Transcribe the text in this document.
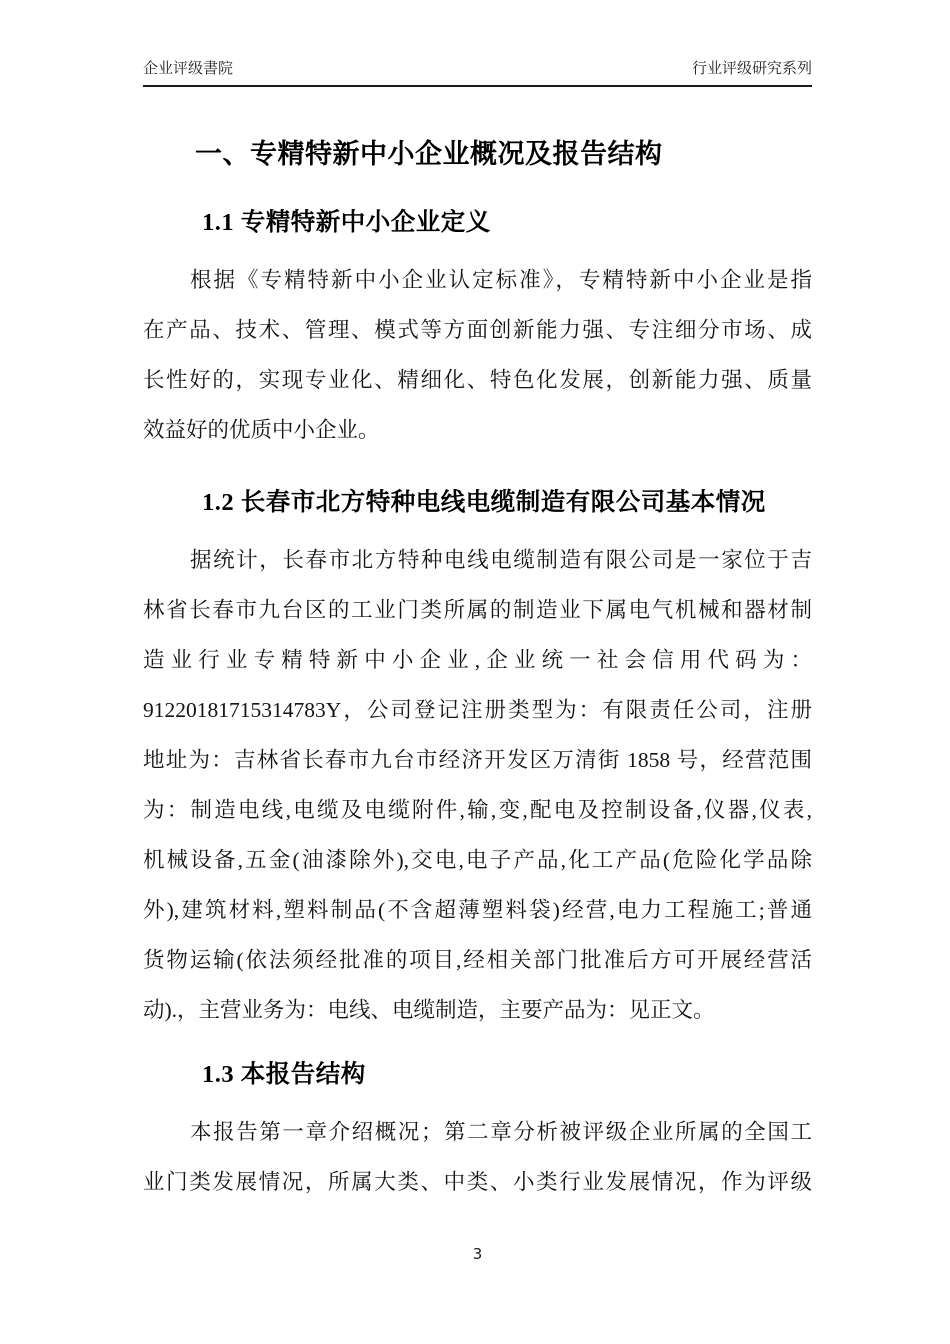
企业评级書院	行业评级研究系列
一、专精特新中小企业概况及报告结构
1.1 专精特新中小企业定义
根据《专精特新中小企业认定标准》，专精特新中小企业是指
在产品、技术、管理、模式等方面创新能力强、专注细分市场、成
长性好的，实现专业化、精细化、特色化发展，创新能力强、质量
效益好的优质中小企业。
1.2 长春市北方特种电线电缆制造有限公司基本情况
据统计，长春市北方特种电线电缆制造有限公司是一家位于吉
林省长春市九台区的工业门类所属的制造业下属电气机械和器材制
造业行业专精特新中小企业,企业统一社会信用代码为：
91220181715314783Y，公司登记注册类型为：有限责任公司，注册
地址为：吉林省长春市九台市经济开发区万清街 1858 号，经营范围
为：制造电线,电缆及电缆附件,输,变,配电及控制设备,仪器,仪表,
机械设备,五金(油漆除外),交电,电子产品,化工产品(危险化学品除
外),建筑材料,塑料制品(不含超薄塑料袋)经营,电力工程施工;普通
货物运输(依法须经批准的项目,经相关部门批准后方可开展经营活
动).，主营业务为：电线、电缆制造，主要产品为：见正文。
1.3 本报告结构
本报告第一章介绍概况；第二章分析被评级企业所属的全国工
业门类发展情况，所属大类、中类、小类行业发展情况，作为评级
3
